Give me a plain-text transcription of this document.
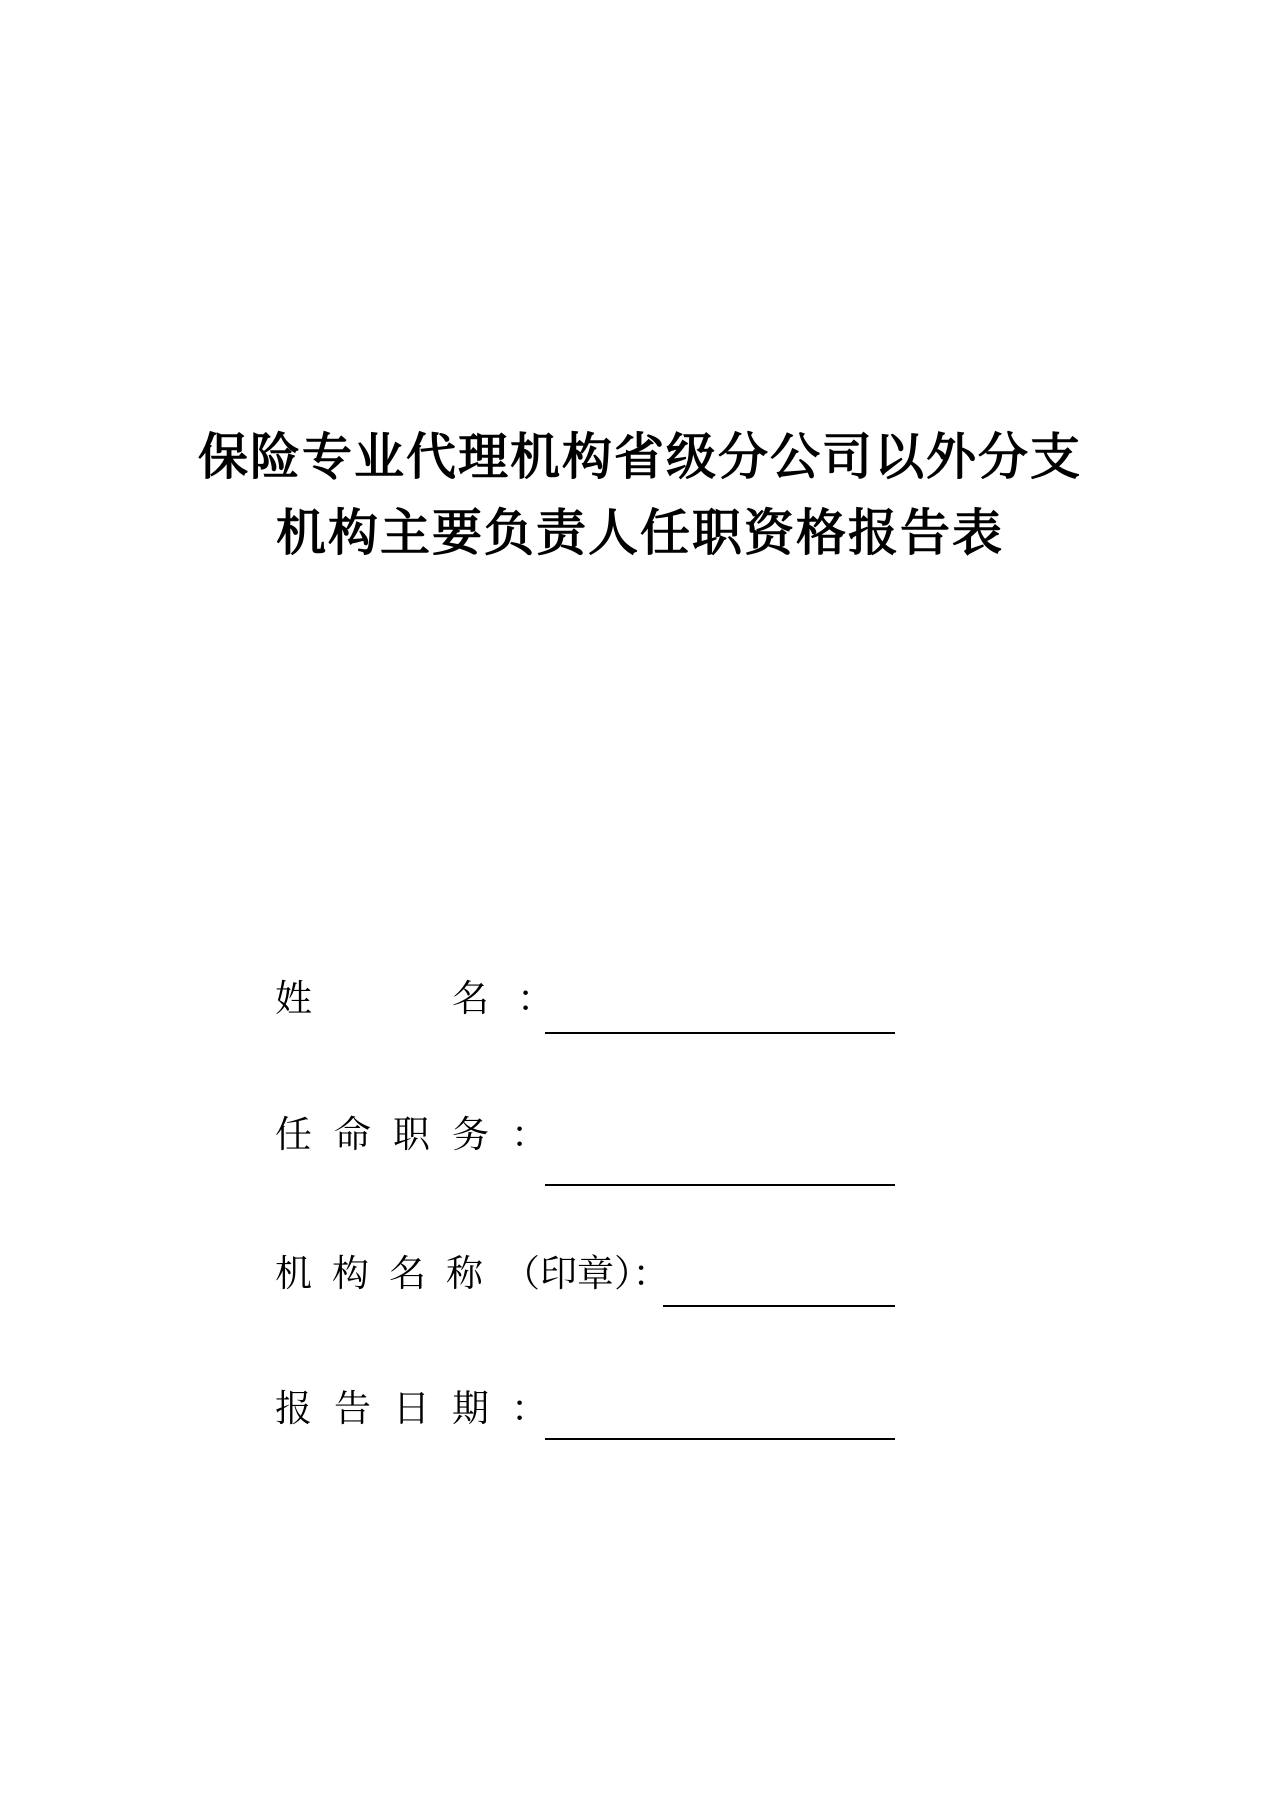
保险专业代理机构省级分公司以外分支
机构主要负责人任职资格报告表
姓	名 ：
任命职务：
机构名称（印章）：
报告日期：
